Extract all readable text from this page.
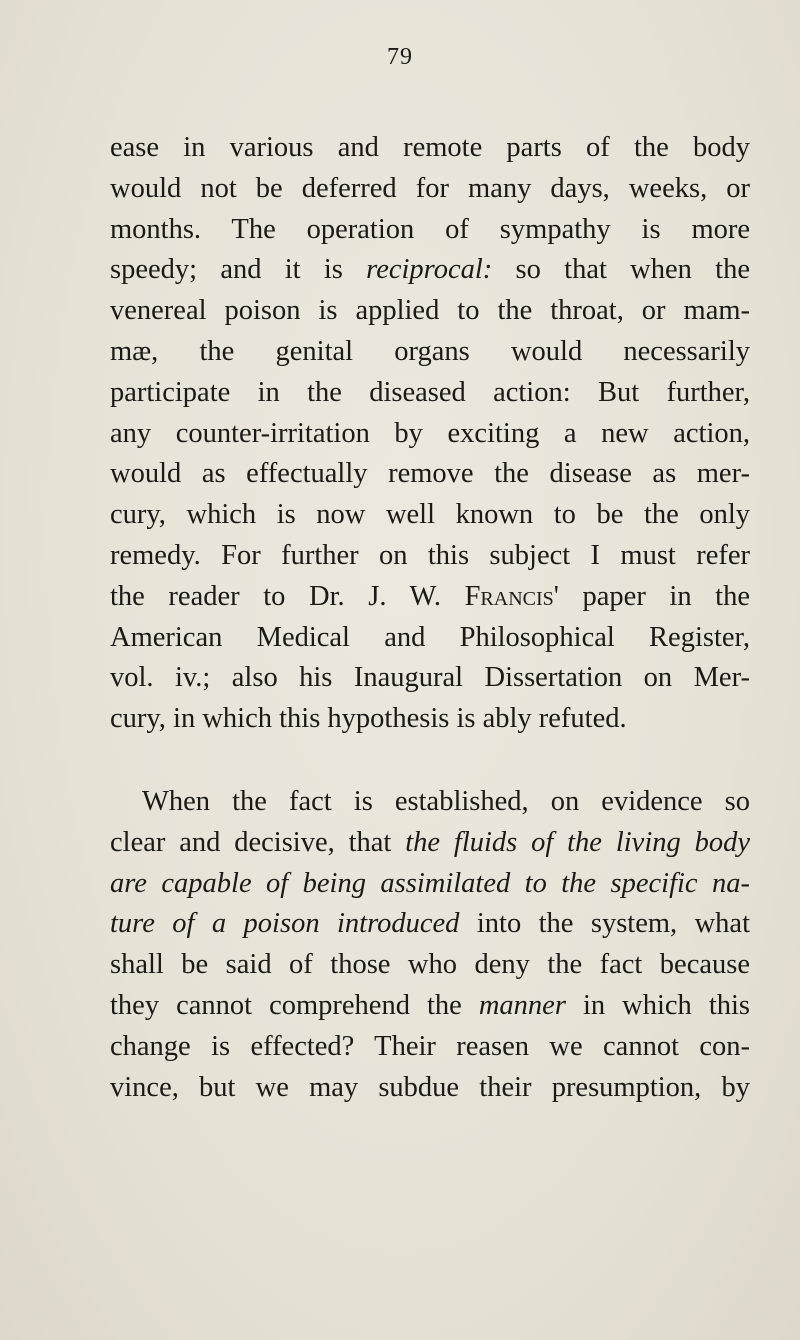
79
ease in various and remote parts of the body
would not be deferred for many days, weeks, or
months. The operation of sympathy is more
speedy; and it is reciprocal: so that when the
venereal poison is applied to the throat, or mam-
mæ, the genital organs would necessarily
participate in the diseased action: But further,
any counter-irritation by exciting a new action,
would as effectually remove the disease as mer-
cury, which is now well known to be the only
remedy. For further on this subject I must refer
the reader to Dr. J. W. Francis' paper in the
American Medical and Philosophical Register,
vol. iv.; also his Inaugural Dissertation on Mer-
cury, in which this hypothesis is ably refuted.
When the fact is established, on evidence so
clear and decisive, that the fluids of the living body
are capable of being assimilated to the specific na-
ture of a poison introduced into the system, what
shall be said of those who deny the fact because
they cannot comprehend the manner in which this
change is effected? Their reasen we cannot con-
vince, but we may subdue their presumption, by
